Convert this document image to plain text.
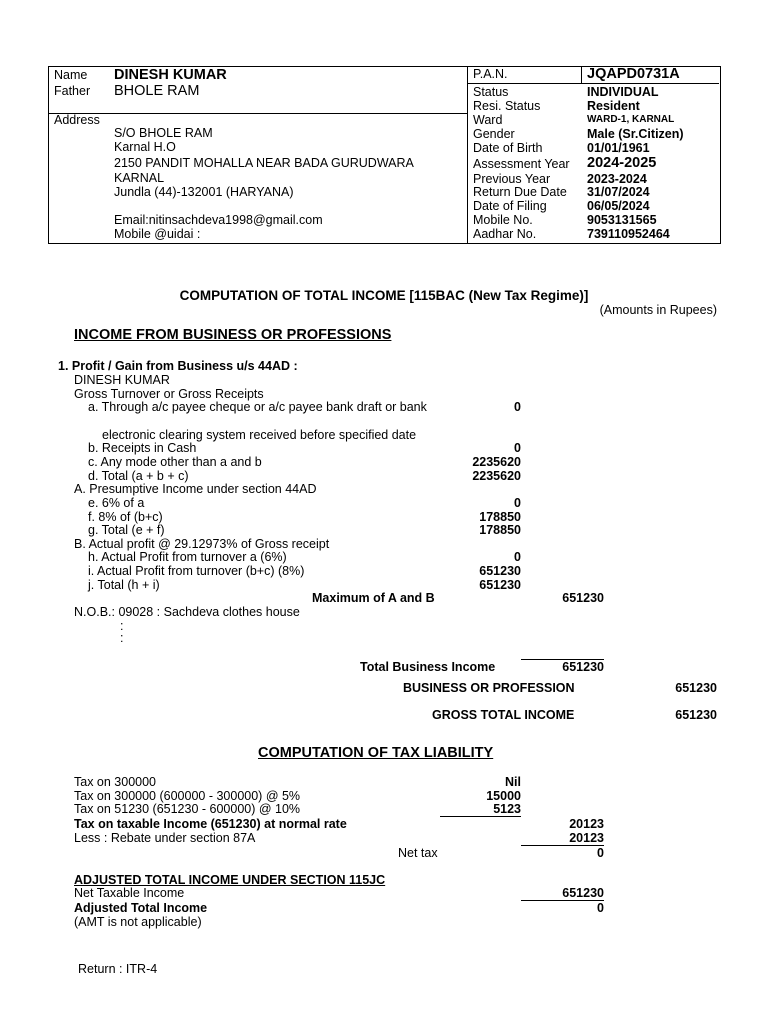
Name DINESH KUMAR
Father BHOLE RAM
Address
S/O BHOLE RAM
Karnal H.O
2150 PANDIT MOHALLA NEAR BADA GURUDWARA
KARNAL
Jundla (44)-132001 (HARYANA)
Email:nitinsachdeva1998@gmail.com
Mobile @uidai :
P.A.N.	JQAPD0731A
Status	INDIVIDUAL
Resi. Status	Resident
Ward	WARD-1, KARNAL
Gender	Male (Sr.Citizen)
Date of Birth	01/01/1961
Assessment Year 2024-2025
Previous Year	2023-2024
Return Due Date 31/07/2024
Date of Filing	06/05/2024
Mobile No.	9053131565
Aadhar No.	739110952464
COMPUTATION OF TOTAL INCOME [115BAC (New Tax Regime)]
(Amounts in Rupees)
INCOME FROM BUSINESS OR PROFESSIONS
1. Profit / Gain from Business u/s 44AD :
DINESH KUMAR
Gross Turnover or Gross Receipts
a. Through a/c payee cheque or a/c payee bank draft or bank	0
electronic clearing system received before specified date
b. Receipts in Cash	0
c. Any mode other than a and b	2235620
d. Total (a + b + c)	2235620
A. Presumptive Income under section 44AD
e. 6% of a	0
f. 8% of (b+c)	178850
g. Total (e + f)	178850
B. Actual profit @ 29.12973% of Gross receipt
h. Actual Profit from turnover a (6%)	0
i. Actual Profit from turnover (b+c) (8%)	651230
j. Total (h + i)	651230
Maximum of A and B	651230
N.O.B.: 09028 : Sachdeva clothes house
:
:
Total Business Income	651230
BUSINESS OR PROFESSION	651230
GROSS TOTAL INCOME	651230
COMPUTATION OF TAX LIABILITY
Tax on 300000	Nil
Tax on 300000 (600000 - 300000) @ 5%	15000
Tax on 51230 (651230 - 600000) @ 10%	5123
Tax on taxable Income (651230) at normal rate	20123
Less : Rebate under section 87A	20123
Net tax	0
ADJUSTED TOTAL INCOME UNDER SECTION 115JC
Net Taxable Income	651230
Adjusted Total Income	0
(AMT is not applicable)
Return : ITR-4
